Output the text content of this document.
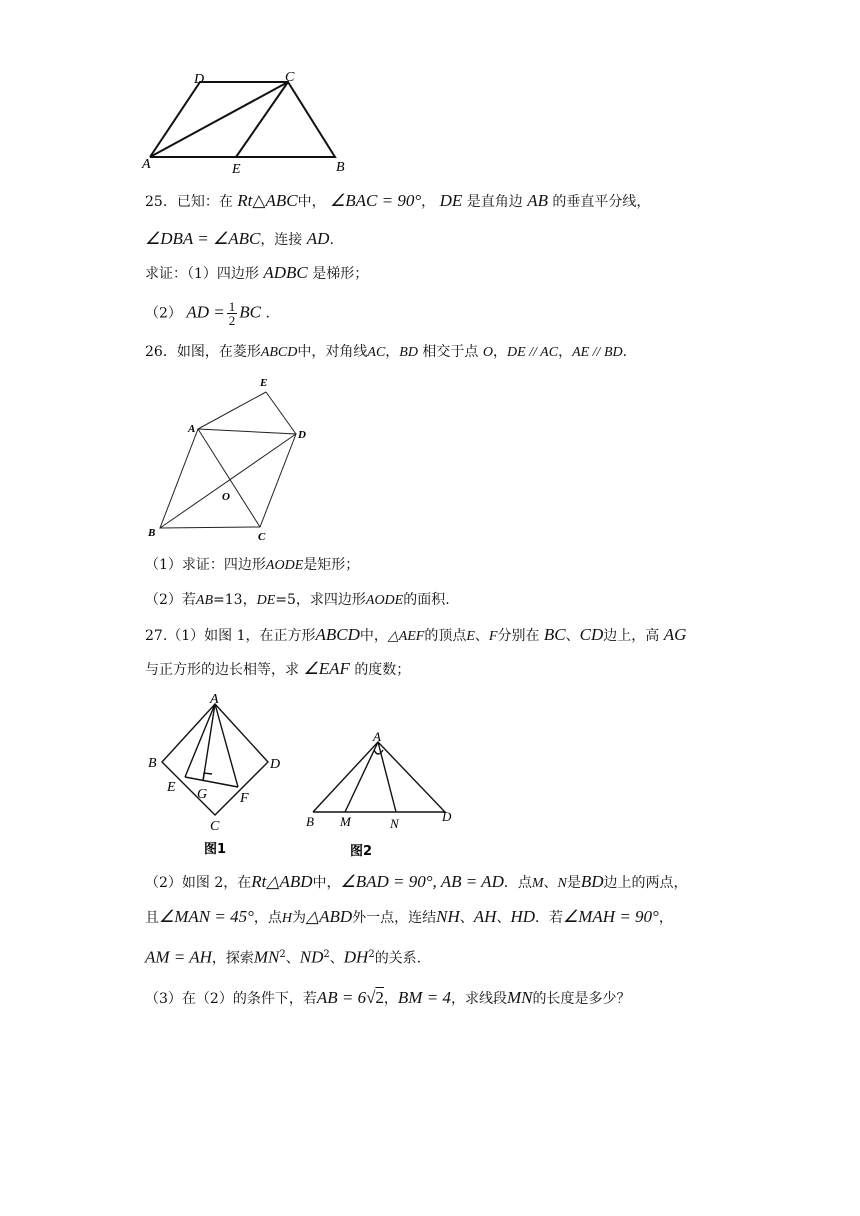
D	C
A	E	B
25．已知：在 Rt△ABC中， ∠BAC = 90°， DE 是直角边 AB 的垂直平分线，
∠DBA = ∠ABC，连接 AD.
求证：（1）四边形 ADBC 是梯形；
（2） AD = $\frac{1}{2}$ BC .
26．如图，在菱形ABCD中，对角线AC，BD 相交于点 O，DE // AC，AE // BD.
E
A	D
O
B	C
（1）求证：四边形AODE是矩形；
（2）若AB=13，DE=5，求四边形AODE的面积.
27.（1）如图 1，在正方形ABCD中，△AEF的顶点E、F分别在 BC、CD边上，高 AG
与正方形的边长相等，求 ∠EAF 的度数；
A
B	D
E G F
C
图1
A
B M	N	D
图2
（2）如图 2，在Rt△ABD中，∠BAD = 90°, AB = AD．点M、N是BD边上的两点，
且∠MAN = 45°，点H为△ABD外一点，连结NH、AH、HD．若∠MAH = 90°，
AM = AH，探索$MN^2$、$ND^2$、$DH^2$的关系.
（3）在（2）的条件下，若AB = 6√2，BM = 4，求线段MN的长度是多少？
